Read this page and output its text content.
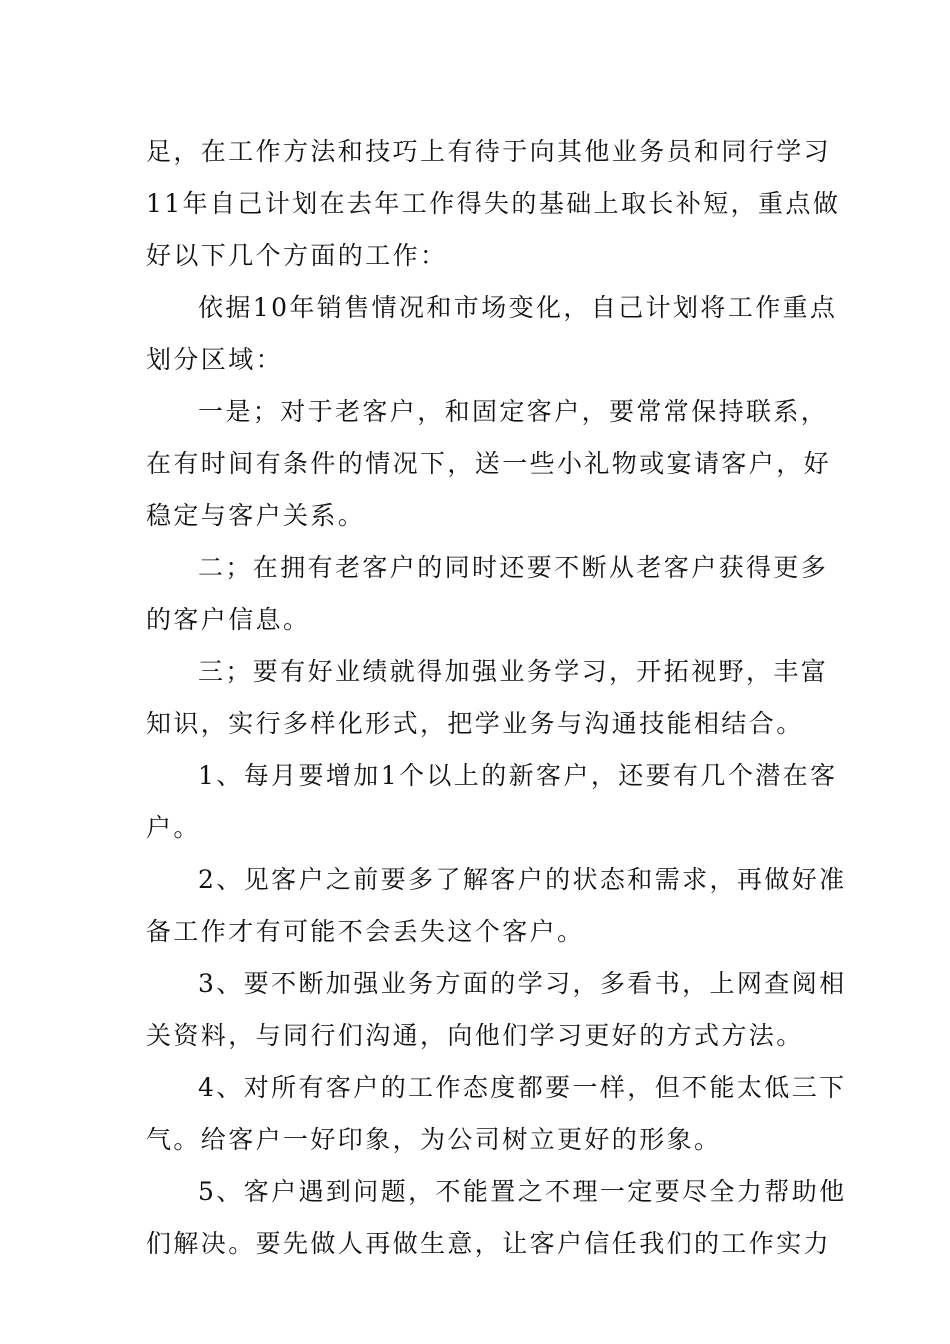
足，在工作方法和技巧上有待于向其他业务员和同行学习
11年自己计划在去年工作得失的基础上取长补短，重点做
好以下几个方面的工作：
依据10年销售情况和市场变化，自己计划将工作重点
划分区域：
一是；对于老客户，和固定客户，要常常保持联系，
在有时间有条件的情况下，送一些小礼物或宴请客户，好
稳定与客户关系。
二；在拥有老客户的同时还要不断从老客户获得更多
的客户信息。
三；要有好业绩就得加强业务学习，开拓视野，丰富
知识，实行多样化形式，把学业务与沟通技能相结合。
1、每月要增加1个以上的新客户，还要有几个潜在客
户。
2、见客户之前要多了解客户的状态和需求，再做好准
备工作才有可能不会丢失这个客户。
3、要不断加强业务方面的学习，多看书，上网查阅相
关资料，与同行们沟通，向他们学习更好的方式方法。
4、对所有客户的工作态度都要一样，但不能太低三下
气。给客户一好印象，为公司树立更好的形象。
5、客户遇到问题，不能置之不理一定要尽全力帮助他
们解决。要先做人再做生意，让客户信任我们的工作实力
